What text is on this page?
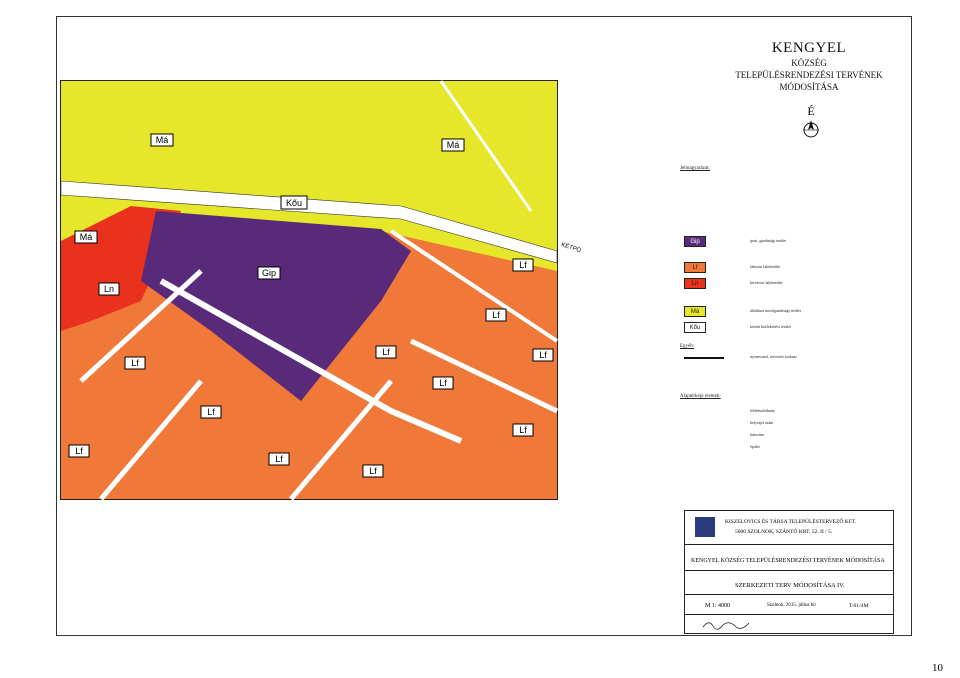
Má	Má
Má
Kőu
Gip
Lf
Lf
Lf	Lf
Lf
Lf
Lf
Lf
Lf
Lf
Lf
Ln
KÉTPÓ
KENGYEL
KÖZSÉG
TELEPÜLÉSRENDEZÉSI TERVÉNEK
MÓDOSÍTÁSA
É
Jelmagyarázat:
Gip	ipari, gazdasági terület
Lf	falusias lakóterület
Ln	kisvárosi lakóterület
Má	általános mezőgazdasági terület
Kőu	közúti közlekedési terület
Egyéb:
nyomvonal, tervezett szakasz
Alaptérképi elemek:
földrészlethatár
helyrajzi szám
házszám
épület
KISZELOVICS ÉS TÁRSA TELEPÜLÉSTERVEZŐ KFT.
5000 SZOLNOK, SZÁNTÓ KRT. 52. II / 5.
KENGYEL KÖZSÉG TELEPÜLÉSRENDEZÉSI TERVÉNEK MÓDOSÍTÁSA
SZERKEZETI TERV MÓDOSÍTÁSA IV.
M 1: 4000	Szolnok, 2015. július hó	T-01/4M
10
